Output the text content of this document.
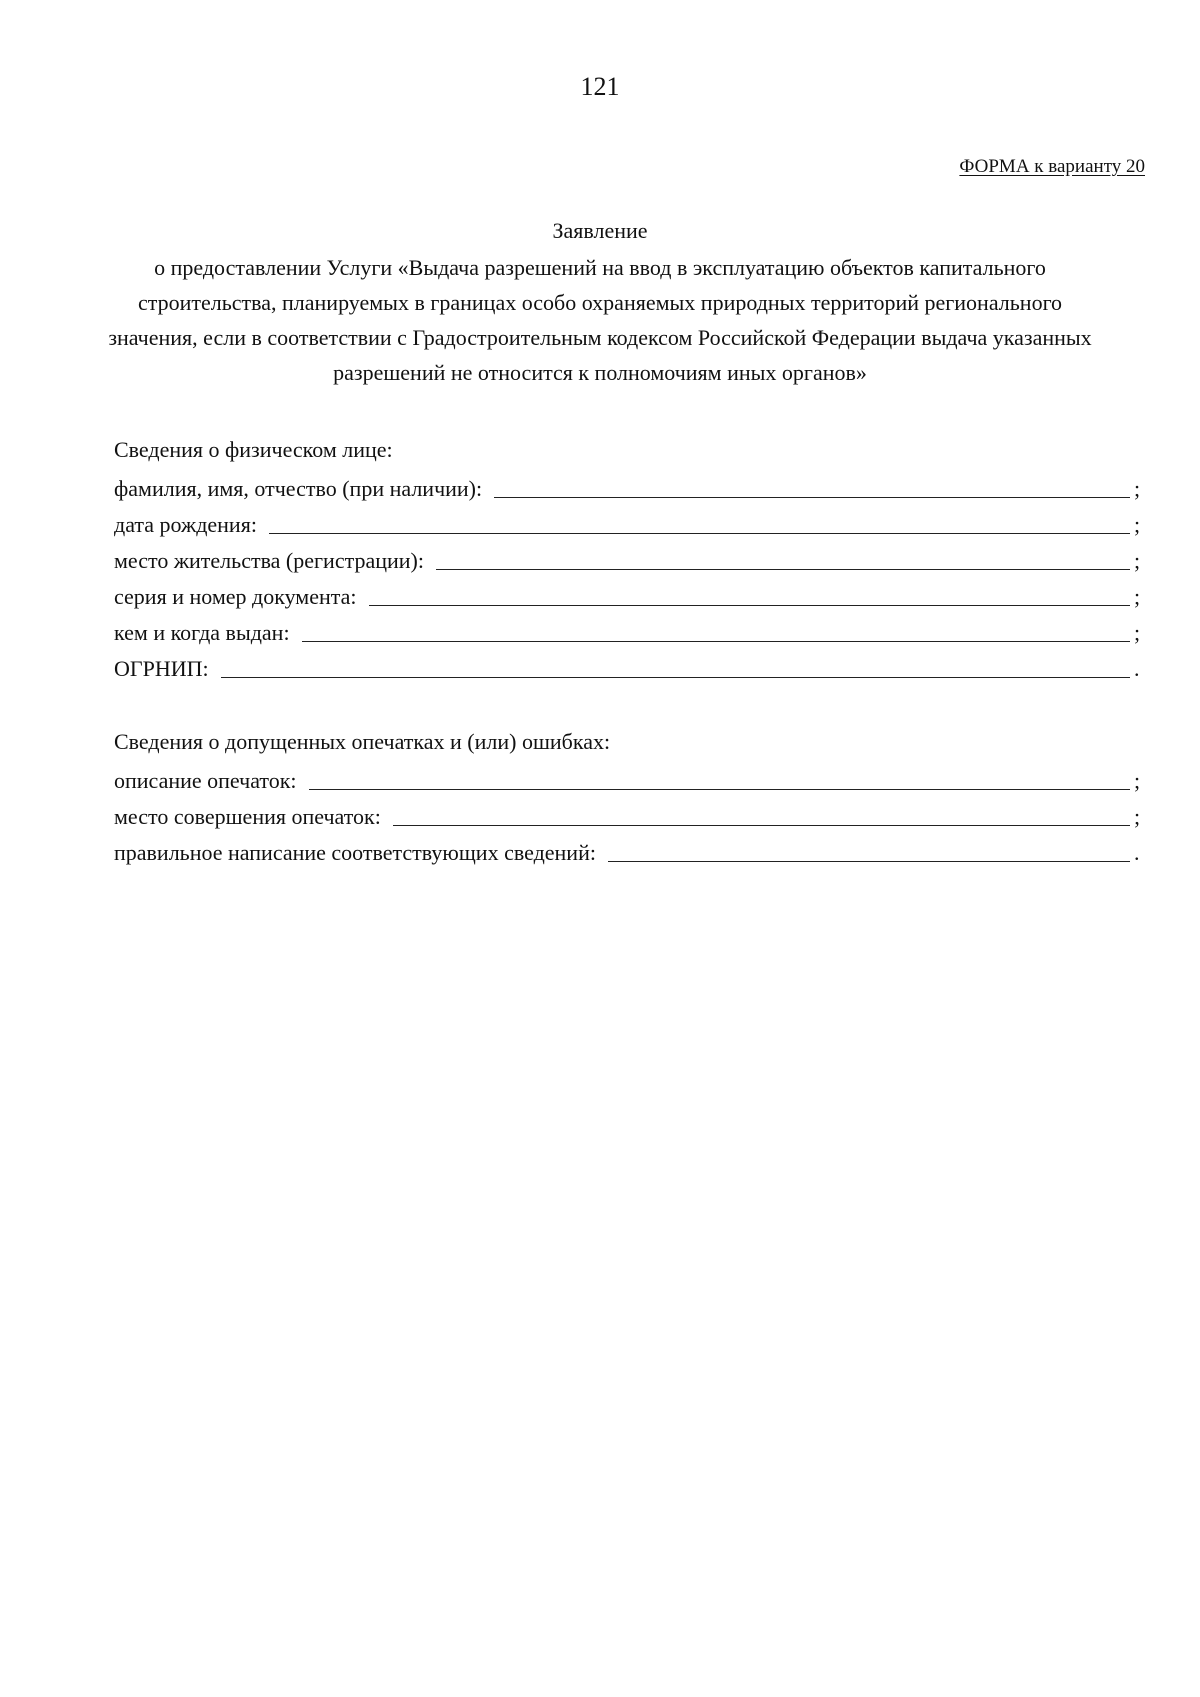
121
ФОРМА к варианту 20
Заявление
о предоставлении Услуги «Выдача разрешений на ввод в эксплуатацию объектов капитального строительства, планируемых в границах особо охраняемых природных территорий регионального значения, если в соответствии с Градостроительным кодексом Российской Федерации выдача указанных разрешений не относится к полномочиям иных органов»
Сведения о физическом лице:
фамилия, имя, отчество (при наличии):	;
дата рождения:	;
место жительства (регистрации):	;
серия и номер документа:	;
кем и когда выдан:	;
ОГРНИП:	.
Сведения о допущенных опечатках и (или) ошибках:
описание опечаток:	;
место совершения опечаток:	;
правильное написание соответствующих сведений:	.
